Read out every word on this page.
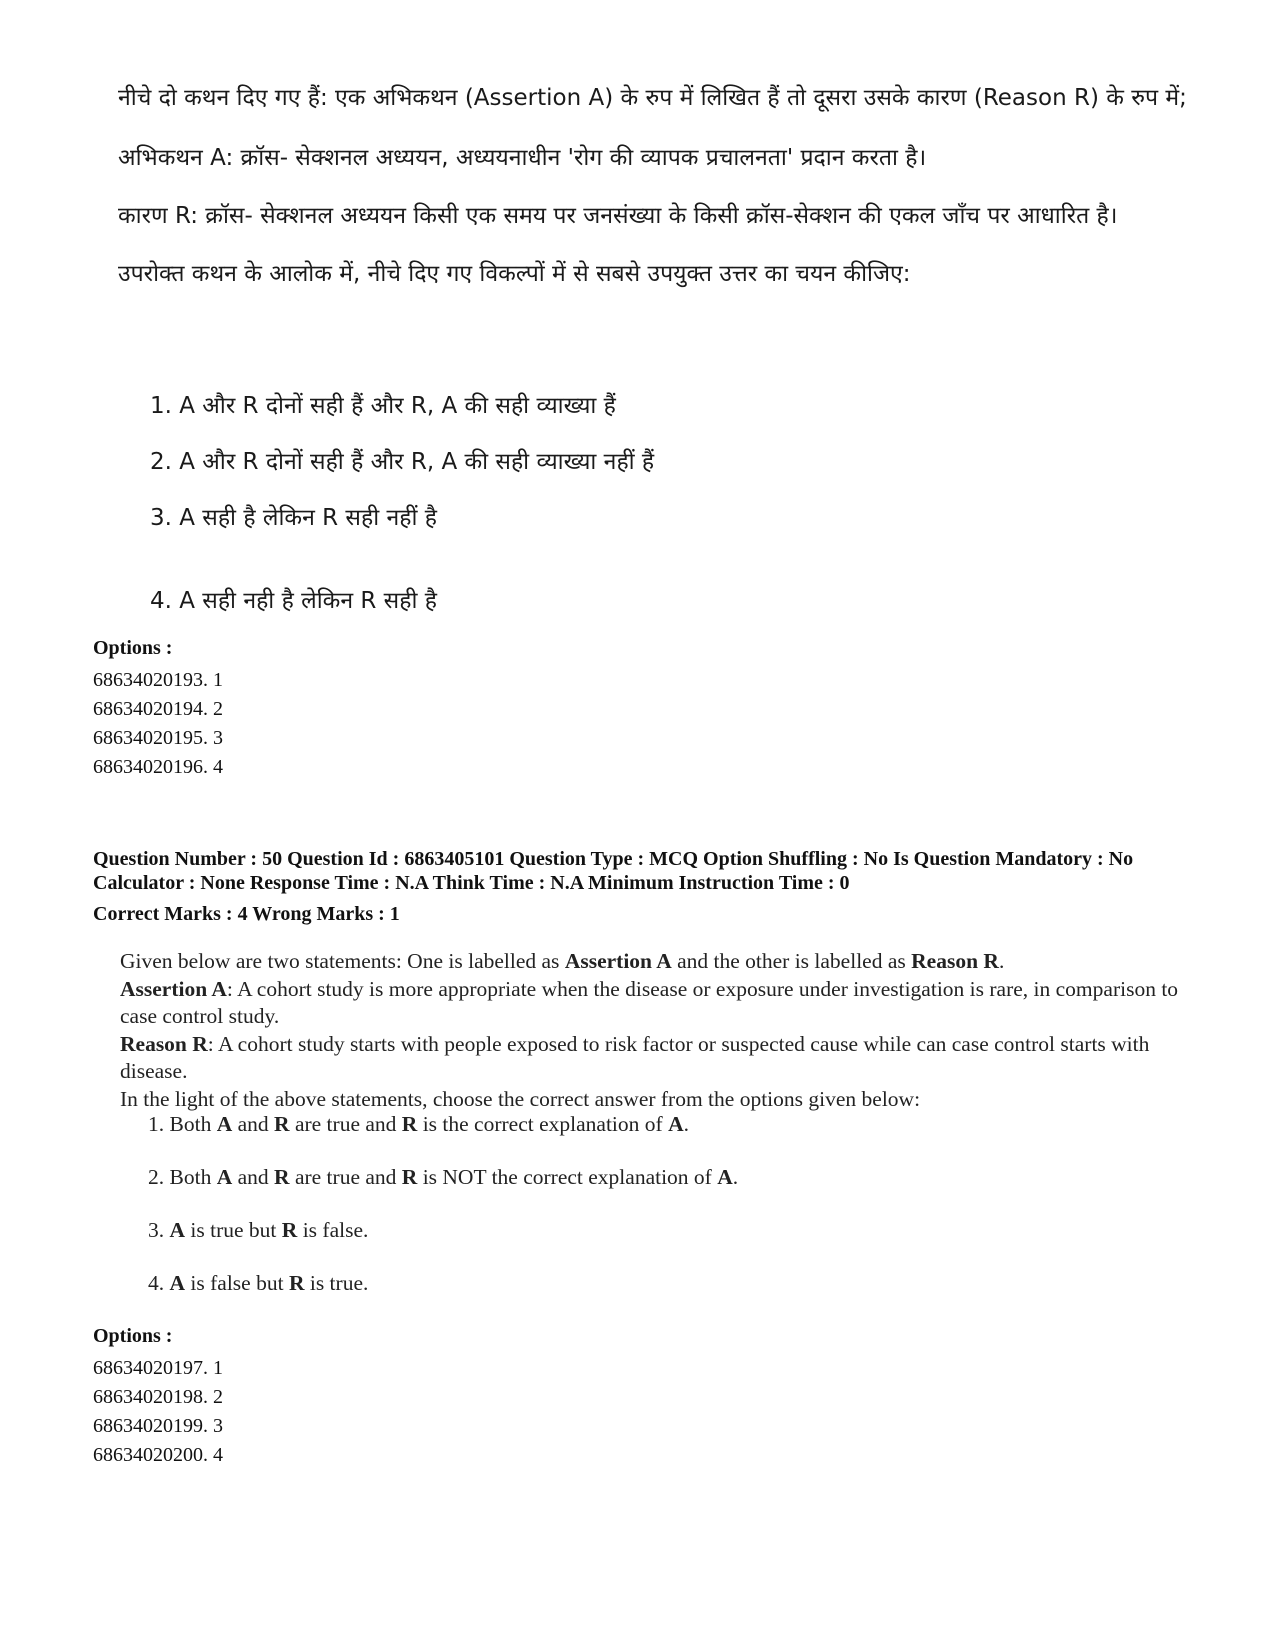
नीचे दो कथन दिए गए हैं: एक अभिकथन (Assertion A) के रुप में लिखित हैं तो दूसरा उसके कारण (Reason R) के रुप में;

अभिकथन A: क्रॉस- सेक्शनल अध्ययन, अध्ययनाधीन 'रोग की व्यापक प्रचालनता' प्रदान करता है।

कारण R: क्रॉस- सेक्शनल अध्ययन किसी एक समय पर जनसंख्या के किसी क्रॉस-सेक्शन की एकल जाँच पर आधारित है।

उपरोक्त कथन के आलोक में, नीचे दिए गए विकल्पों में से सबसे उपयुक्त उत्तर का चयन कीजिए:

1. A और R दोनों सही हैं और R, A की सही व्याख्या हैं
2. A और R दोनों सही हैं और R, A की सही व्याख्या नहीं हैं
3. A सही है लेकिन R सही नहीं है
4. A सही नही है लेकिन R सही है
Options :
68634020193. 1
68634020194. 2
68634020195. 3
68634020196. 4
Question Number : 50 Question Id : 6863405101 Question Type : MCQ Option Shuffling : No Is Question Mandatory : No Calculator : None Response Time : N.A Think Time : N.A Minimum Instruction Time : 0
Correct Marks : 4 Wrong Marks : 1
Given below are two statements: One is labelled as Assertion A and the other is labelled as Reason R.
Assertion A: A cohort study is more appropriate when the disease or exposure under investigation is rare, in comparison to case control study.
Reason R: A cohort study starts with people exposed to risk factor or suspected cause while can case control starts with disease.
In the light of the above statements, choose the correct answer from the options given below:
1. Both A and R are true and R is the correct explanation of A.
2. Both A and R are true and R is NOT the correct explanation of A.
3. A is true but R is false.
4. A is false but R is true.
Options :
68634020197. 1
68634020198. 2
68634020199. 3
68634020200. 4
